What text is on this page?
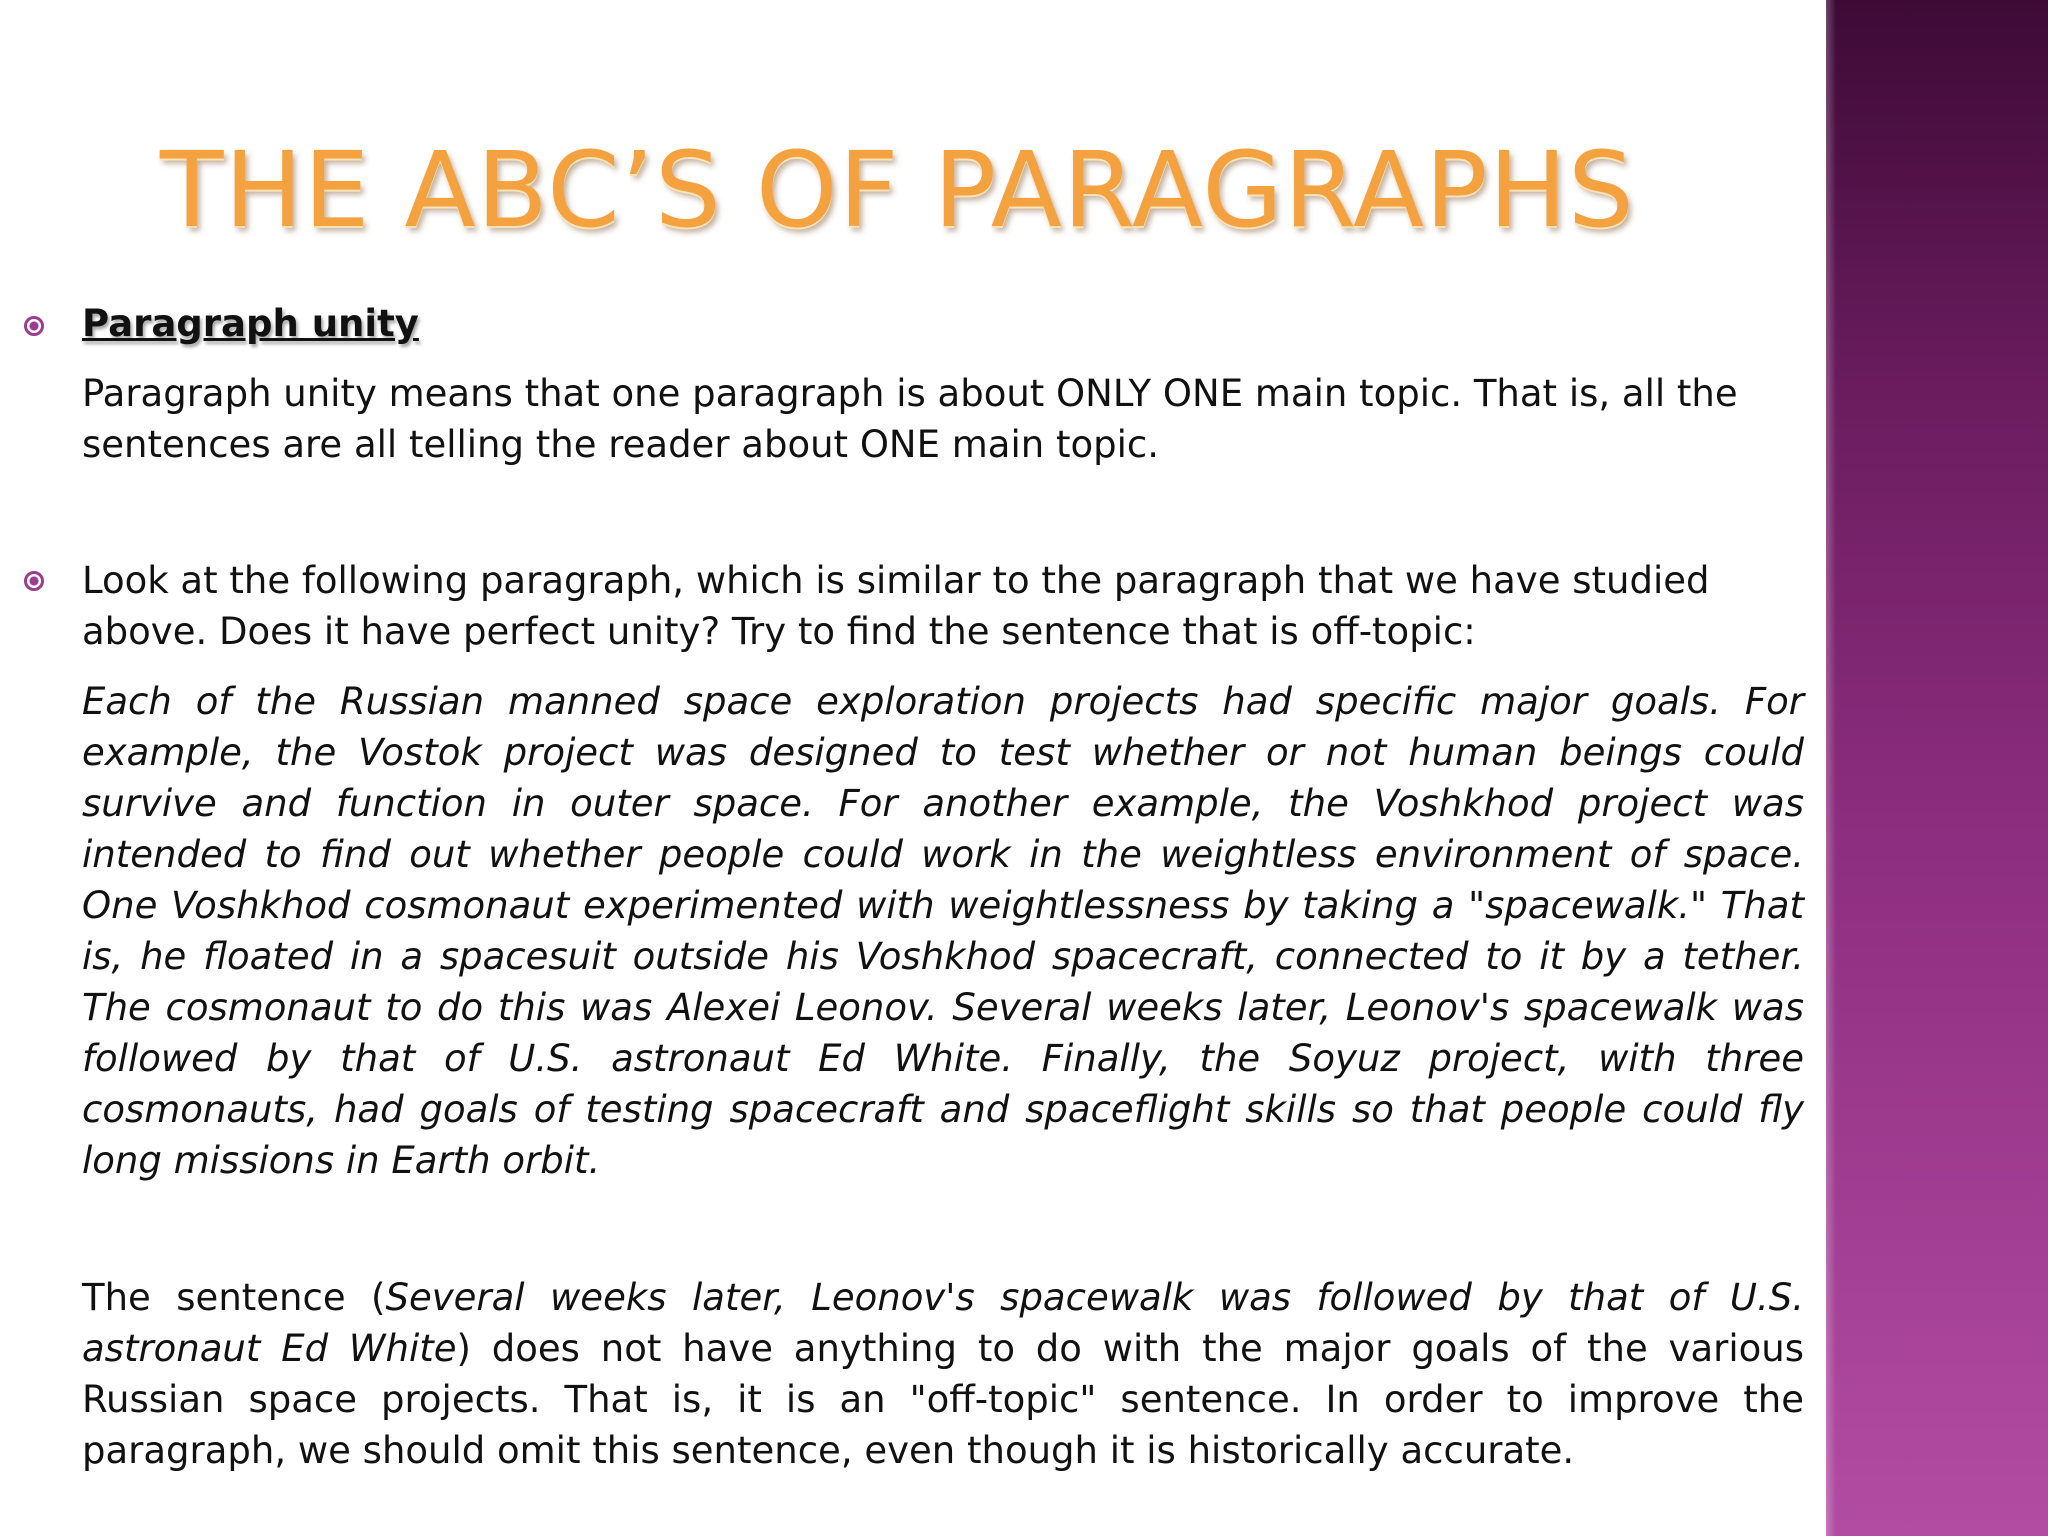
THE ABC’S OF PARAGRAPHS

Paragraph unity

Paragraph unity means that one paragraph is about ONLY ONE main topic. That is, all the sentences are all telling the reader about ONE main topic.

Look at the following paragraph, which is similar to the paragraph that we have studied above. Does it have perfect unity? Try to find the sentence that is off-topic:

Each of the Russian manned space exploration projects had specific major goals. For example, the Vostok project was designed to test whether or not human beings could survive and function in outer space. For another example, the Voshkhod project was intended to find out whether people could work in the weightless environment of space. One Voshkhod cosmonaut experimented with weightlessness by taking a "spacewalk." That is, he floated in a spacesuit outside his Voshkhod spacecraft, connected to it by a tether. The cosmonaut to do this was Alexei Leonov. Several weeks later, Leonov's spacewalk was followed by that of U.S. astronaut Ed White. Finally, the Soyuz project, with three cosmonauts, had goals of testing spacecraft and spaceflight skills so that people could fly long missions in Earth orbit.

The sentence (Several weeks later, Leonov's spacewalk was followed by that of U.S. astronaut Ed White) does not have anything to do with the major goals of the various Russian space projects. That is, it is an "off-topic" sentence. In order to improve the paragraph, we should omit this sentence, even though it is historically accurate.
